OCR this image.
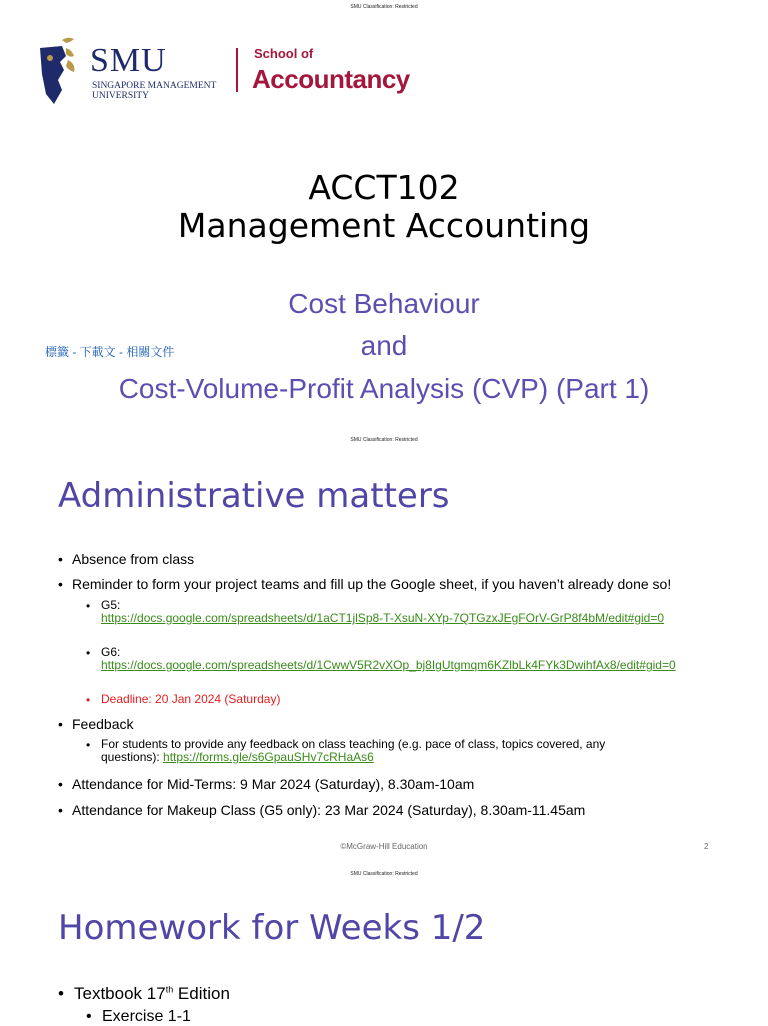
SMU Classification: Restricted
SMU
SINGAPORE MANAGEMENT
UNIVERSITY
School of
Accountancy
ACCT102
Management Accounting
Cost Behaviour
標籤 - 下載文 - 相關文件	and
Cost-Volume-Profit Analysis (CVP) (Part 1)
SMU Classification: Restricted
Administrative matters
• Absence from class
• Reminder to form your project teams and fill up the Google sheet, if you haven’t already done so!
• G5:
https://docs.google.com/spreadsheets/d/1aCT1jlSp8-T-XsuN-XYp-7QTGzxJEgFOrV-GrP8f4bM/edit#gid=0
• G6:
https://docs.google.com/spreadsheets/d/1CwwV5R2vXOp_bj8IgUtgmqm6KZlbLk4FYk3DwihfAx8/edit#gid=0
• Deadline: 20 Jan 2024 (Saturday)
• Feedback
• For students to provide any feedback on class teaching (e.g. pace of class, topics covered, any questions): https://forms.gle/s6GpauSHv7cRHaAs6
• Attendance for Mid-Terms: 9 Mar 2024 (Saturday), 8.30am-10am
• Attendance for Makeup Class (G5 only): 23 Mar 2024 (Saturday), 8.30am-11.45am
©McGraw-Hill Education	2
SMU Classification: Restricted
Homework for Weeks 1/2
• Textbook 17th Edition
• Exercise 1-1
